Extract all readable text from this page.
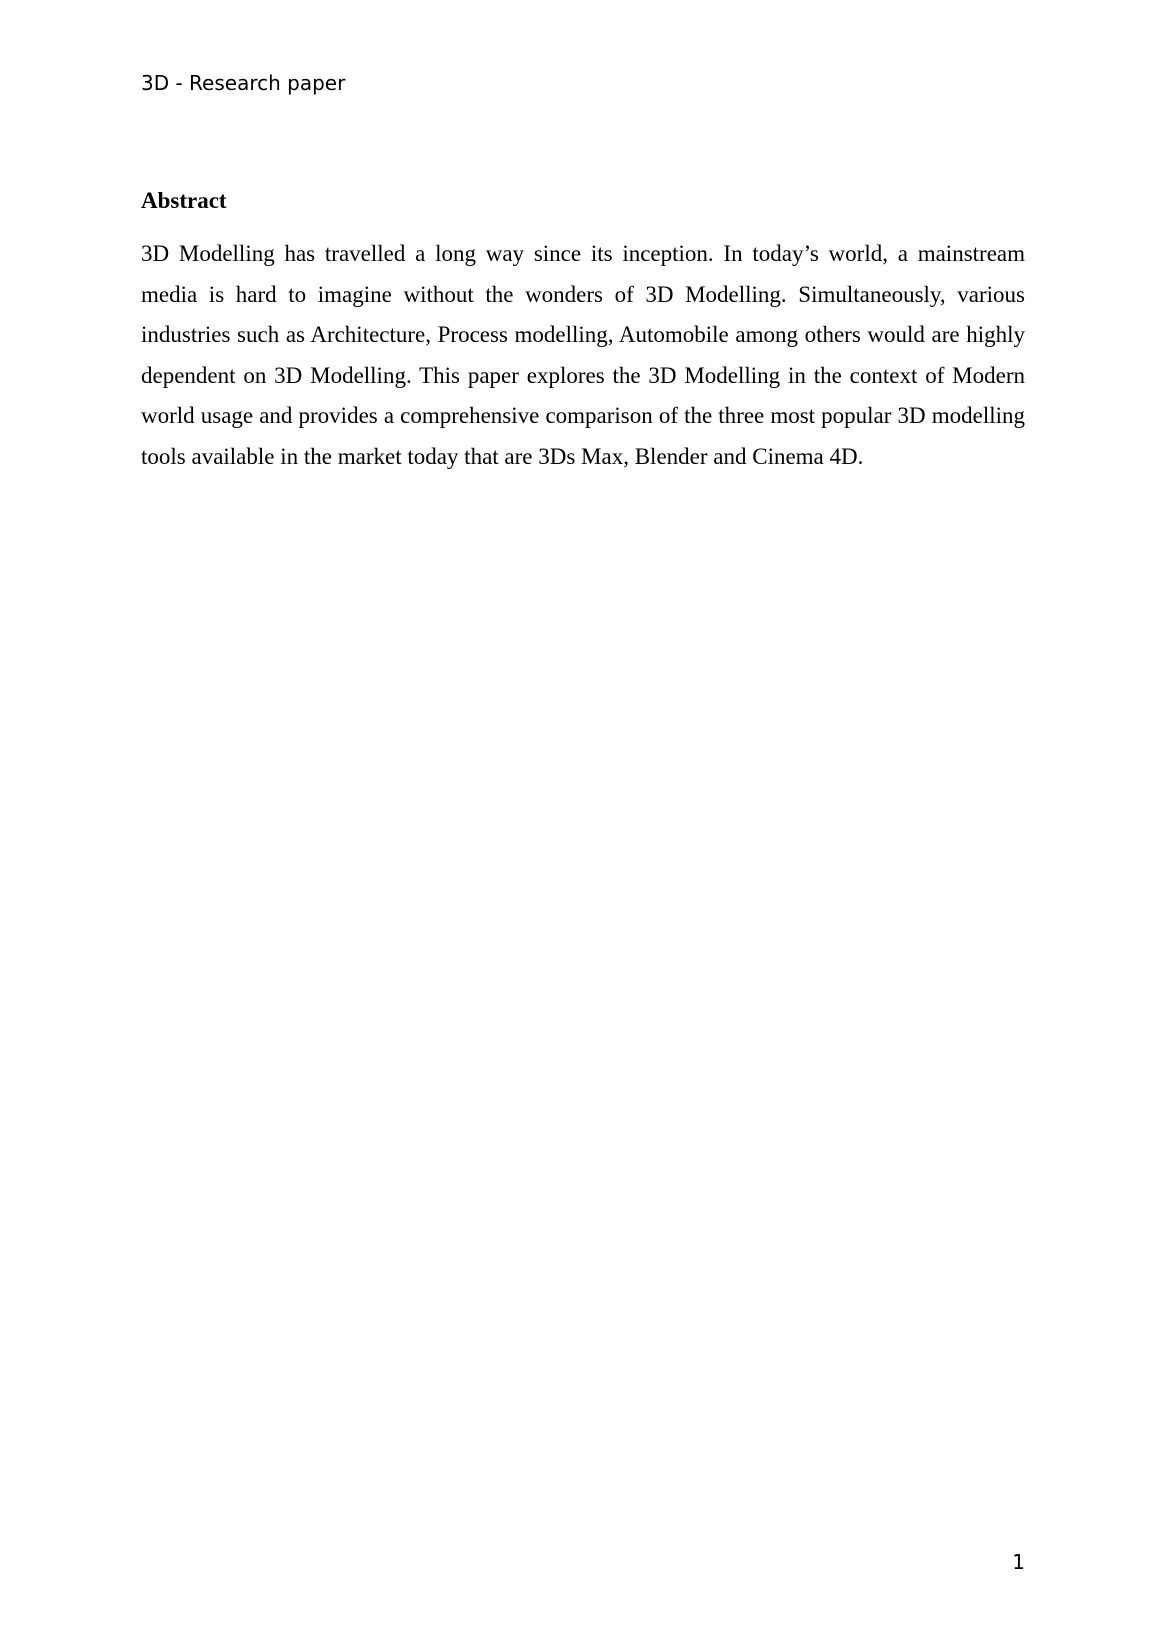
3D - Research paper
Abstract

3D Modelling has travelled a long way since its inception. In today’s world, a mainstream media is hard to imagine without the wonders of 3D Modelling. Simultaneously, various industries such as Architecture, Process modelling, Automobile among others would are highly dependent on 3D Modelling. This paper explores the 3D Modelling in the context of Modern world usage and provides a comprehensive comparison of the three most popular 3D modelling tools available in the market today that are 3Ds Max, Blender and Cinema 4D.

1
